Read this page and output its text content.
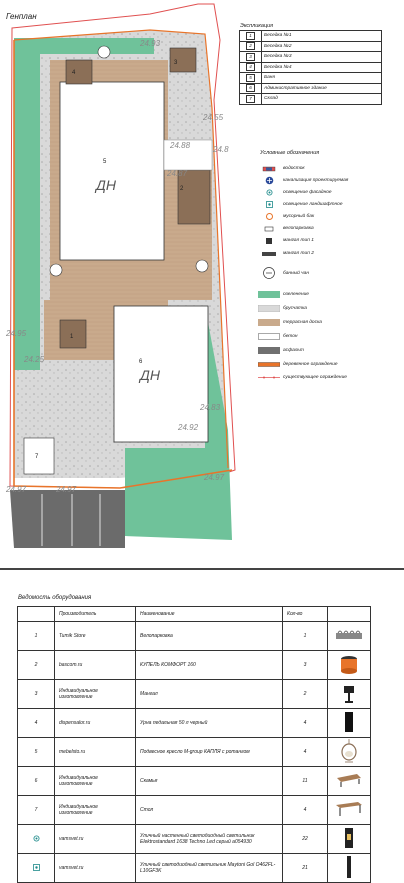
Генплан
ДН
ДН
1
2
3
4
5
6
7
24.55
24.8
24.88
24.87
24.92
24.97	24.97
24.97
24.93
24.95
24.83
24.25
Экспликация
1	Беседка №1
2	Беседка №2
3	Беседка №3
4	Беседка №4
5	Баня
6	Административное здание
7	Склад
Условные обозначения
водосток
канализация проектируемая
освещение фасадное
освещение ландшафтное
мусорный бак
велопарковка
мангал тип 1
мангал тип 2
банный чан
озеленение
брусчатка
террасная доска
бетон
асфальт
деревянное ограждение
существующее ограждение
Ведомость оборудования
	Производитель	Наименование	Кол-во	
1	Tumik Store	Велопарковка	1	
2	bascom.ru	КУПЕЛЬ КОМФОРТ 160	3	
3	Индивидуальное изготовление	Мангал	2	
4	dispensalor.ru	Урна педальная 50 л черный	4	
5	mebelsto.ru	Подвесное кресло M-group КАПЛЯ с ротангом	4	
6	Индивидуальное изготовление	Скамья	11	
7	Индивидуальное изготовление	Стол	4	
	vamsvet.ru	Уличный настенный светодиодный светильник Elektrostandard 1638 Techno Led серый a054930	22	
	vamsvet.ru	Уличный светодиодный светильник Maytoni Gol O462FL-L10GF3K	21	
